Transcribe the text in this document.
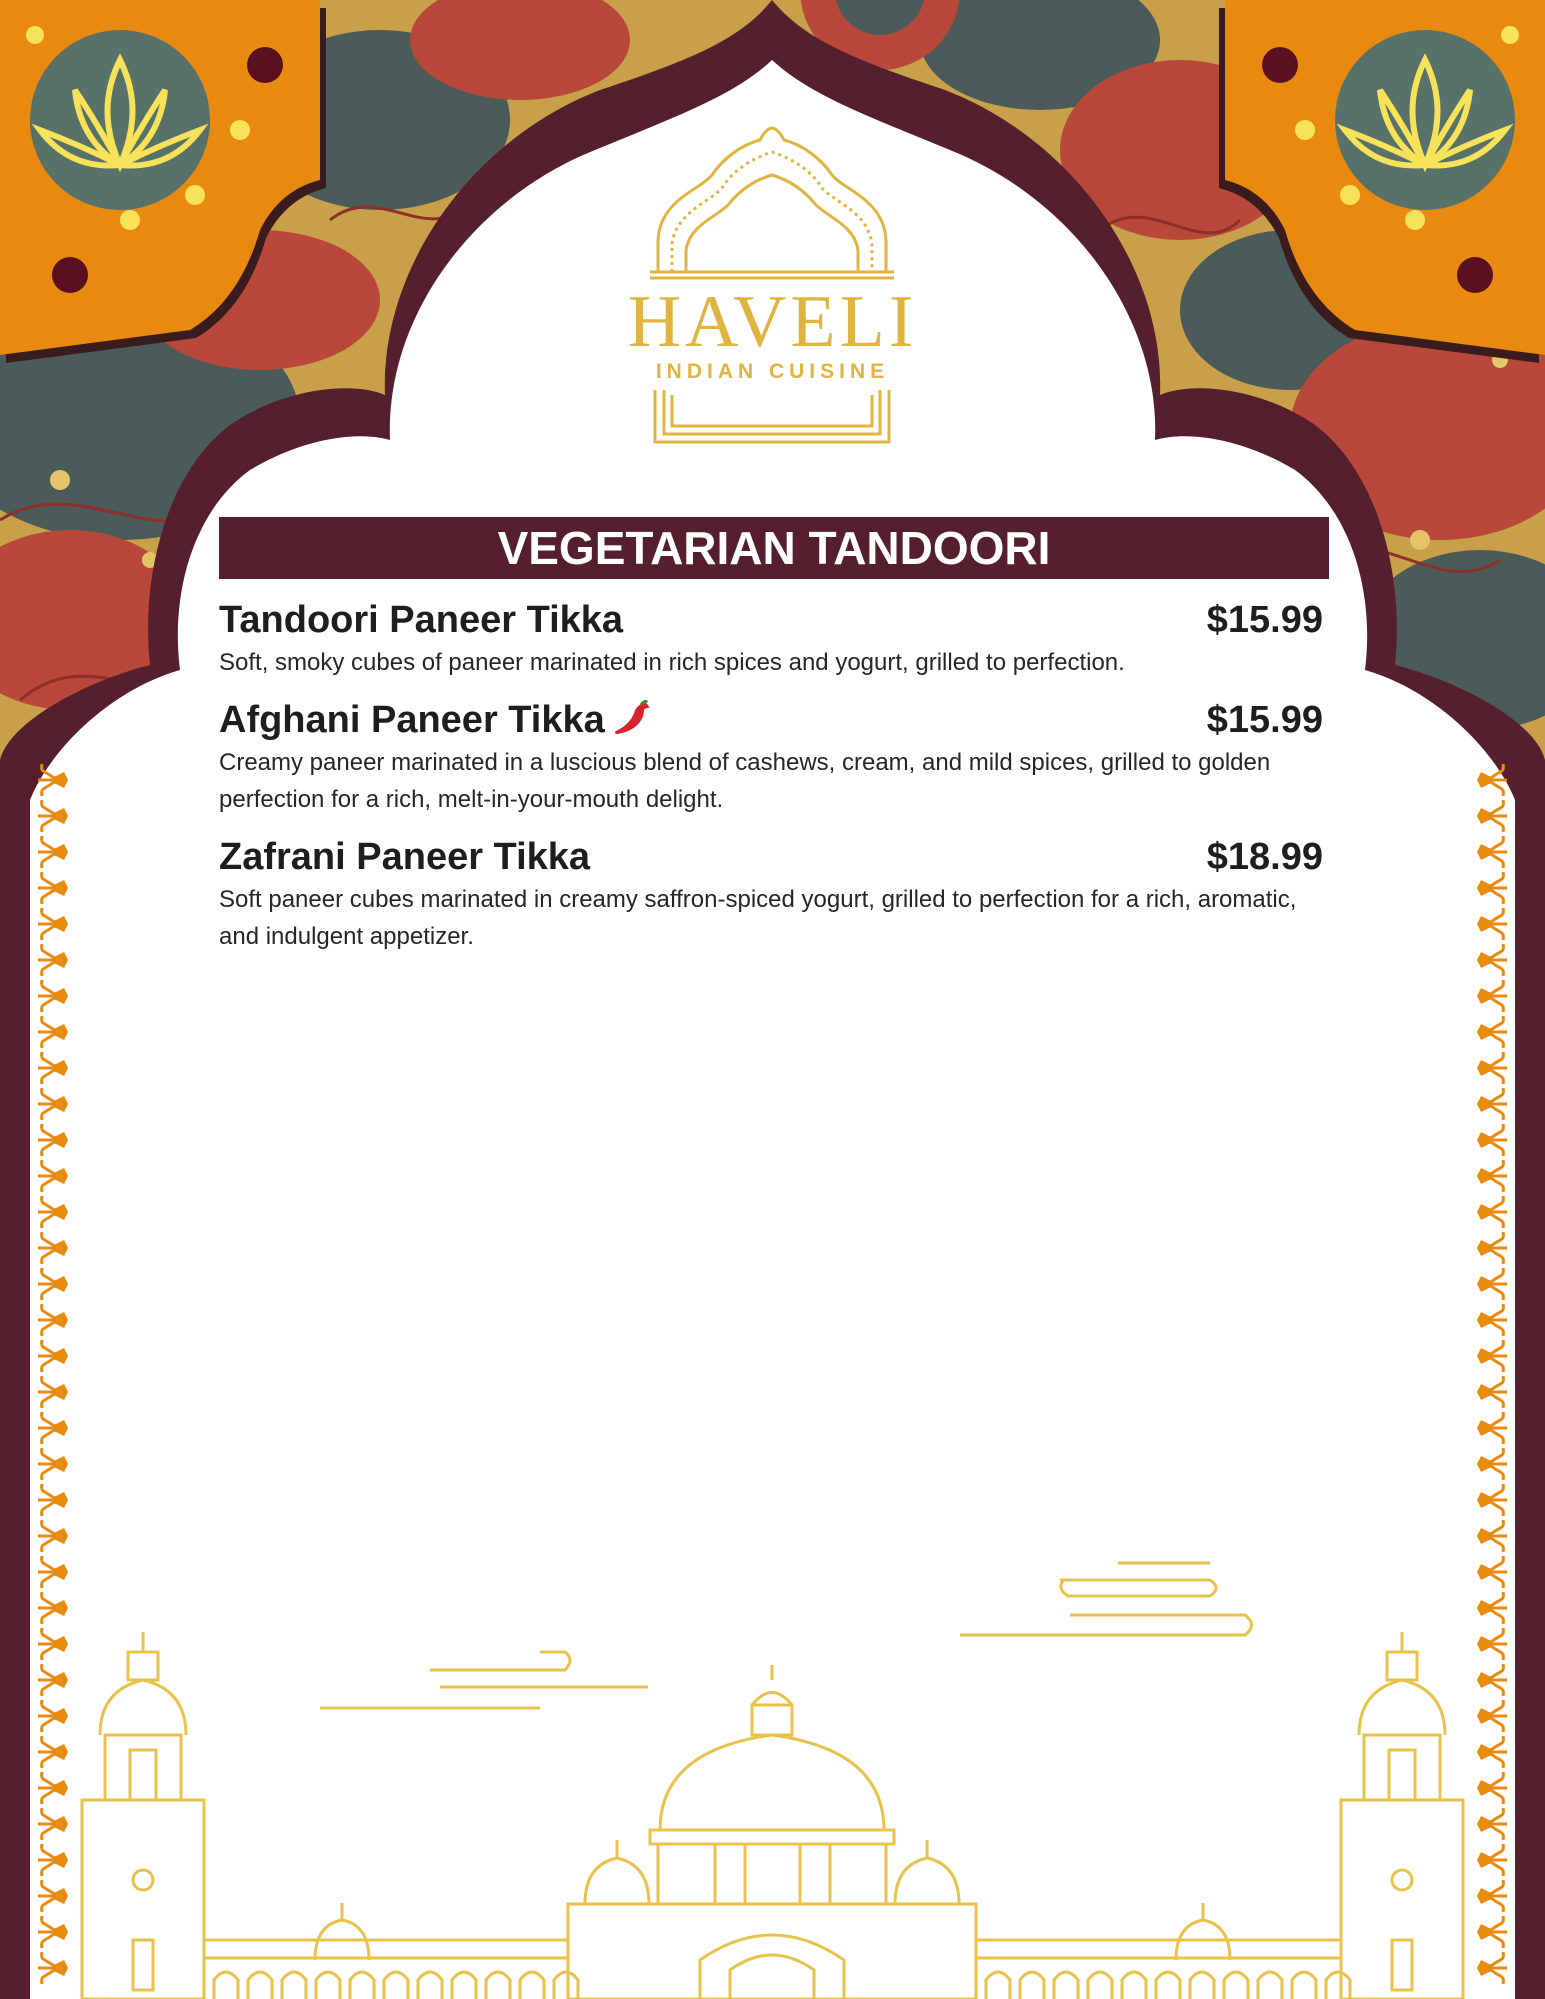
HAVELI
INDIAN CUISINE
VEGETARIAN TANDOORI
Tandoori Paneer Tikka	$15.99
Soft, smoky cubes of paneer marinated in rich spices and yogurt, grilled to perfection.
Afghani Paneer Tikka	$15.99
Creamy paneer marinated in a luscious blend of cashews, cream, and mild spices, grilled to golden perfection for a rich, melt-in-your-mouth delight.
Zafrani Paneer Tikka	$18.99
Soft paneer cubes marinated in creamy saffron-spiced yogurt, grilled to perfection for a rich, aromatic, and indulgent appetizer.
